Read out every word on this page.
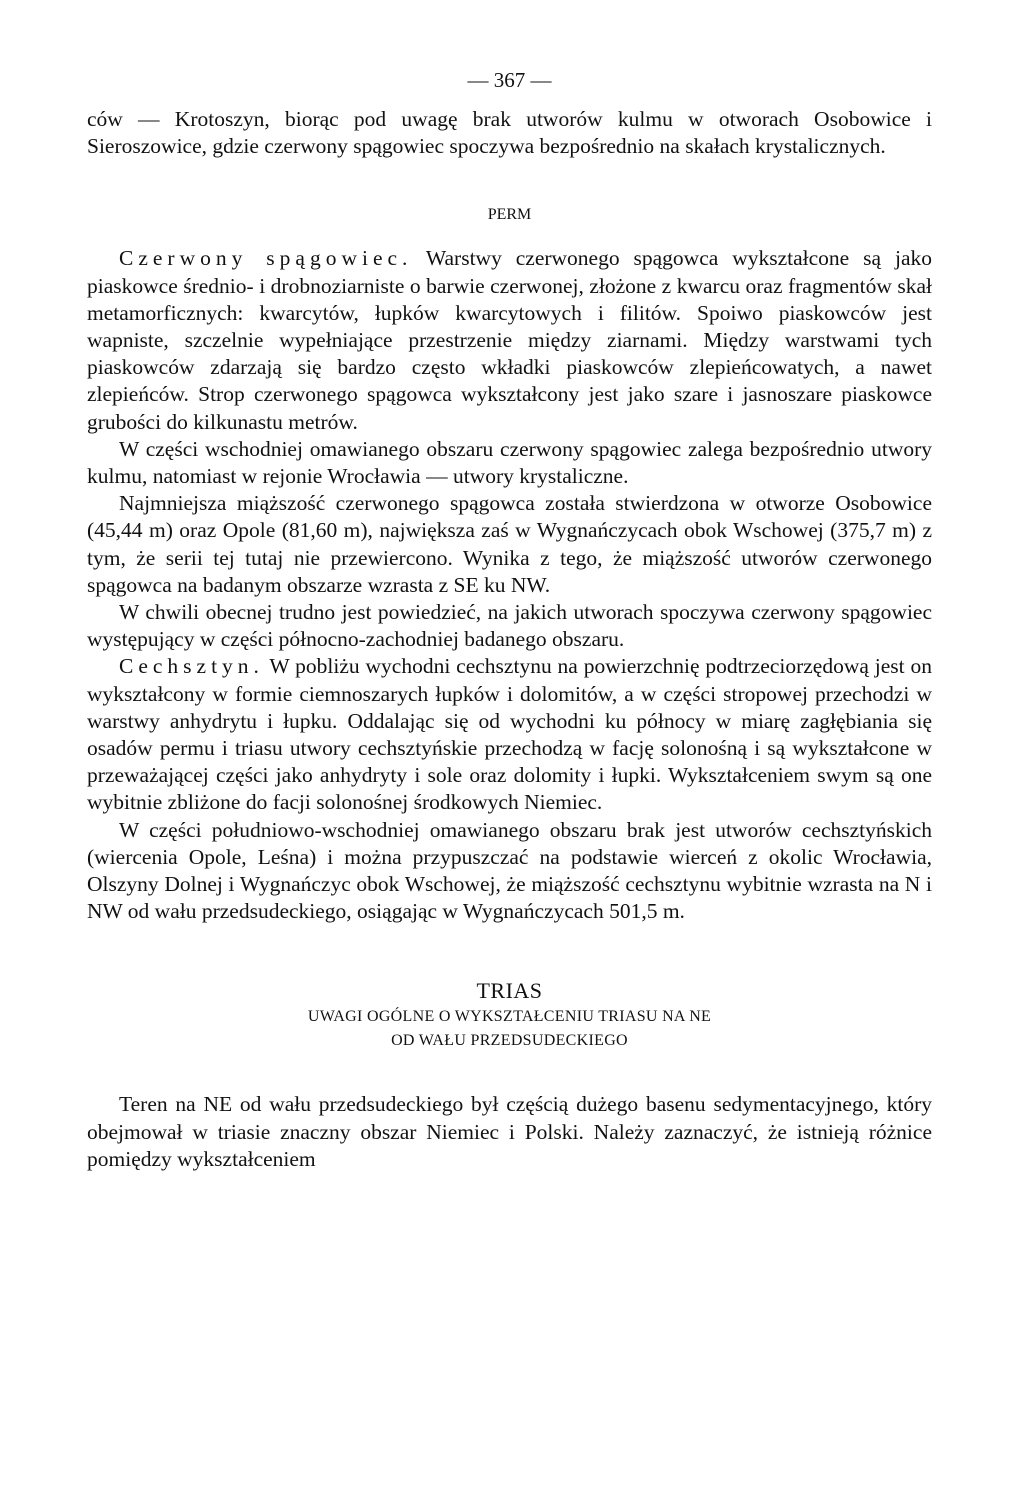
— 367 —

ców — Krotoszyn, biorąc pod uwagę brak utworów kulmu w otworach Osobowice i Sieroszowice, gdzie czerwony spągowiec spoczywa bezpośrednio na skałach krystalicznych.

PERM

Czerwony spągowiec. Warstwy czerwonego spągowca wykształcone są jako piaskowce średnio- i drobnoziarniste o barwie czerwonej, złożone z kwarcu oraz fragmentów skał metamorficznych: kwarcytów, łupków kwarcytowych i filitów. Spoiwo piaskowców jest wapniste, szczelnie wypełniające przestrzenie między ziarnami. Między warstwami tych piaskowców zdarzają się bardzo często wkładki piaskowców zlepieńcowatych, a nawet zlepieńców. Strop czerwonego spągowca wykształcony jest jako szare i jasnoszare piaskowce grubości do kilkunastu metrów.

W części wschodniej omawianego obszaru czerwony spągowiec zalega bezpośrednio utwory kulmu, natomiast w rejonie Wrocławia — utwory krystaliczne.

Najmniejsza miąższość czerwonego spągowca została stwierdzona w otworze Osobowice (45,44 m) oraz Opole (81,60 m), największa zaś w Wygnańczycach obok Wschowej (375,7 m) z tym, że serii tej tutaj nie przewiercono. Wynika z tego, że miąższość utworów czerwonego spągowca na badanym obszarze wzrasta z SE ku NW.

W chwili obecnej trudno jest powiedzieć, na jakich utworach spoczywa czerwony spągowiec występujący w części północno-zachodniej badanego obszaru.

Cechsztyn. W pobliżu wychodni cechsztynu na powierzchnię podtrzeciorzędową jest on wykształcony w formie ciemnoszarych łupków i dolomitów, a w części stropowej przechodzi w warstwy anhydrytu i łupku. Oddalając się od wychodni ku północy w miarę zagłębiania się osadów permu i triasu utwory cechsztyńskie przechodzą w fację solonośną i są wykształcone w przeważającej części jako anhydryty i sole oraz dolomity i łupki. Wykształceniem swym są one wybitnie zbliżone do facji solonośnej środkowych Niemiec.

W części południowo-wschodniej omawianego obszaru brak jest utworów cechsztyńskich (wiercenia Opole, Leśna) i można przypuszczać na podstawie wierceń z okolic Wrocławia, Olszyny Dolnej i Wygnańczyc obok Wschowej, że miąższość cechsztynu wybitnie wzrasta na N i NW od wału przedsudeckiego, osiągając w Wygnańczycach 501,5 m.

TRIAS
UWAGI OGÓLNE O WYKSZTAŁCENIU TRIASU NA NE
OD WAŁU PRZEDSUDECKIEGO

Teren na NE od wału przedsudeckiego był częścią dużego basenu sedymentacyjnego, który obejmował w triasie znaczny obszar Niemiec i Polski. Należy zaznaczyć, że istnieją różnice pomiędzy wykształceniem
